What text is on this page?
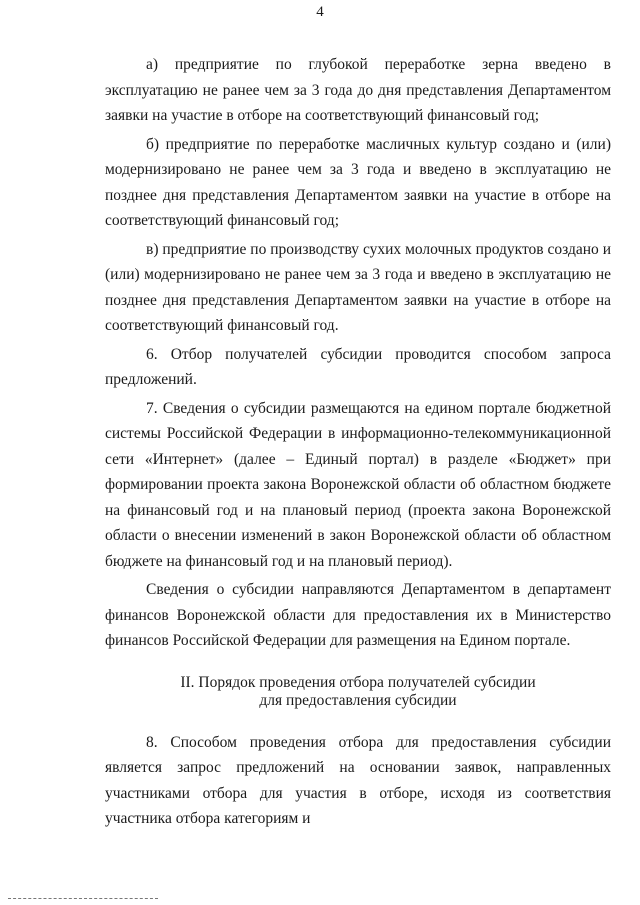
4

а) предприятие по глубокой переработке зерна введено в эксплуатацию не ранее чем за 3 года до дня представления Департаментом заявки на участие в отборе на соответствующий финансовый год;

б) предприятие по переработке масличных культур создано и (или) модернизировано не ранее чем за 3 года и введено в эксплуатацию не позднее дня представления Департаментом заявки на участие в отборе на соответствующий финансовый год;

в) предприятие по производству сухих молочных продуктов создано и (или) модернизировано не ранее чем за 3 года и введено в эксплуатацию не позднее дня представления Департаментом заявки на участие в отборе на соответствующий финансовый год.

6. Отбор получателей субсидии проводится способом запроса предложений.

7. Сведения о субсидии размещаются на едином портале бюджетной системы Российской Федерации в информационно-телекоммуникационной сети «Интернет» (далее – Единый портал) в разделе «Бюджет» при формировании проекта закона Воронежской области об областном бюджете на финансовый год и на плановый период (проекта закона Воронежской области о внесении изменений в закон Воронежской области об областном бюджете на финансовый год и на плановый период).

Сведения о субсидии направляются Департаментом в департамент финансов Воронежской области для предоставления их в Министерство финансов Российской Федерации для размещения на Едином портале.

II. Порядок проведения отбора получателей субсидии
для предоставления субсидии

8. Способом проведения отбора для предоставления субсидии является запрос предложений на основании заявок, направленных участниками отбора для участия в отборе, исходя из соответствия участника отбора категориям и
